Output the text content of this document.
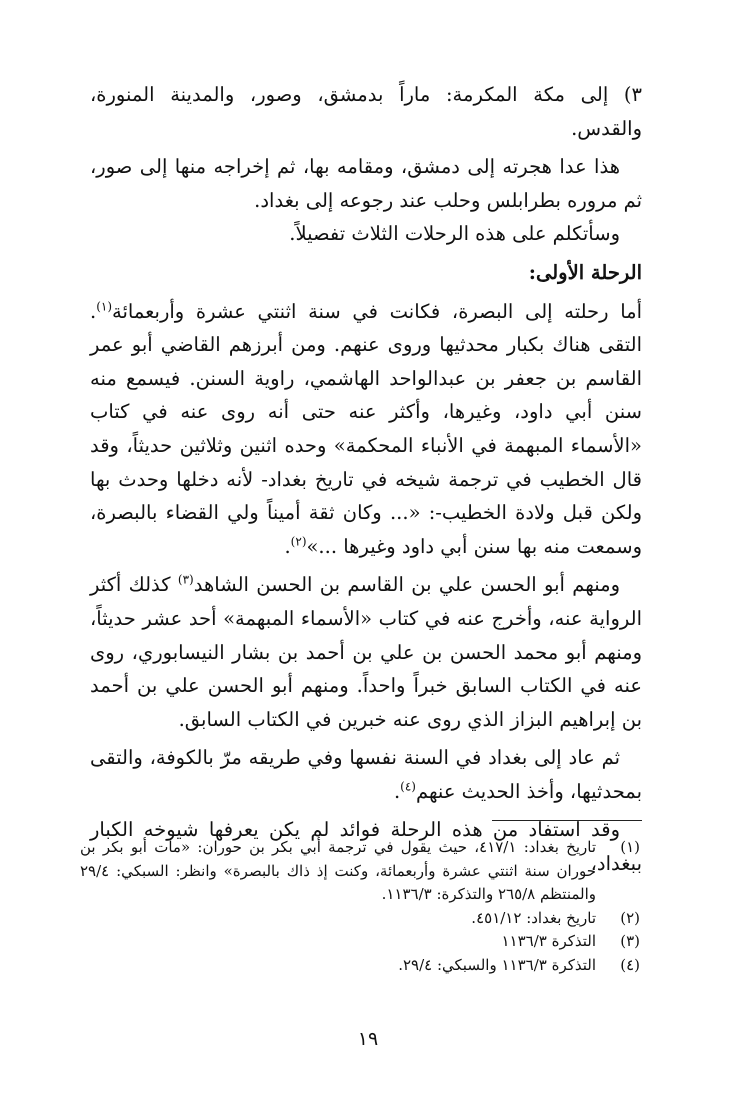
٣) إلى مكة المكرمة: ماراً بدمشق، وصور، والمدينة المنورة، والقدس.

هذا عدا هجرته إلى دمشق، ومقامه بها، ثم إخراجه منها إلى صور، ثم مروره بطرابلس وحلب عند رجوعه إلى بغداد.

وسأتكلم على هذه الرحلات الثلاث تفصيلاً.

الرحلة الأولى:

أما رحلته إلى البصرة، فكانت في سنة اثنتي عشرة وأربعمائة$^{(١)}$. التقى هناك بكبار محدثيها وروى عنهم. ومن أبرزهم القاضي أبو عمر القاسم بن جعفر بن عبدالواحد الهاشمي، راوية السنن. فيسمع منه سنن أبي داود، وغيرها، وأكثر عنه حتى أنه روى عنه في كتاب «الأسماء المبهمة في الأنباء المحكمة» وحده اثنين وثلاثين حديثاً، وقد قال الخطيب في ترجمة شيخه في تاريخ بغداد- لأنه دخلها وحدث بها ولكن قبل ولادة الخطيب-: «... وكان ثقة أميناً ولي القضاء بالبصرة، وسمعت منه بها سنن أبي داود وغيرها ...»$^{(٢)}$.

ومنهم أبو الحسن علي بن القاسم بن الحسن الشاهد$^{(٣)}$ كذلك أكثر الرواية عنه، وأخرج عنه في كتاب «الأسماء المبهمة» أحد عشر حديثاً، ومنهم أبو محمد الحسن بن علي بن أحمد بن بشار النيسابوري، روى عنه في الكتاب السابق خبراً واحداً. ومنهم أبو الحسن علي بن أحمد بن إبراهيم البزاز الذي روى عنه خبرين في الكتاب السابق.

ثم عاد إلى بغداد في السنة نفسها وفي طريقه مرّ بالكوفة، والتقى بمحدثيها، وأخذ الحديث عنهم$^{(٤)}$.

وقد استفاد من هذه الرحلة فوائد لم يكن يعرفها شيوخه الكبار ببغداد،

(١)
تاريخ بغداد: ٤١٧/١، حيث يقول في ترجمة أبي بكر بن حوران: «مات أبو بكر بن حوران سنة اثنتي عشرة وأربعمائة، وكنت إذ ذاك بالبصرة» وانظر: السبكي: ٢٩/٤ والمنتظم ٢٦٥/٨ والتذكرة: ١١٣٦/٣.
(٢)
تاريخ بغداد: ٤٥١/١٢.
(٣)
التذكرة ١١٣٦/٣
(٤)
التذكرة ١١٣٦/٣ والسبكي: ٢٩/٤.
١٩
